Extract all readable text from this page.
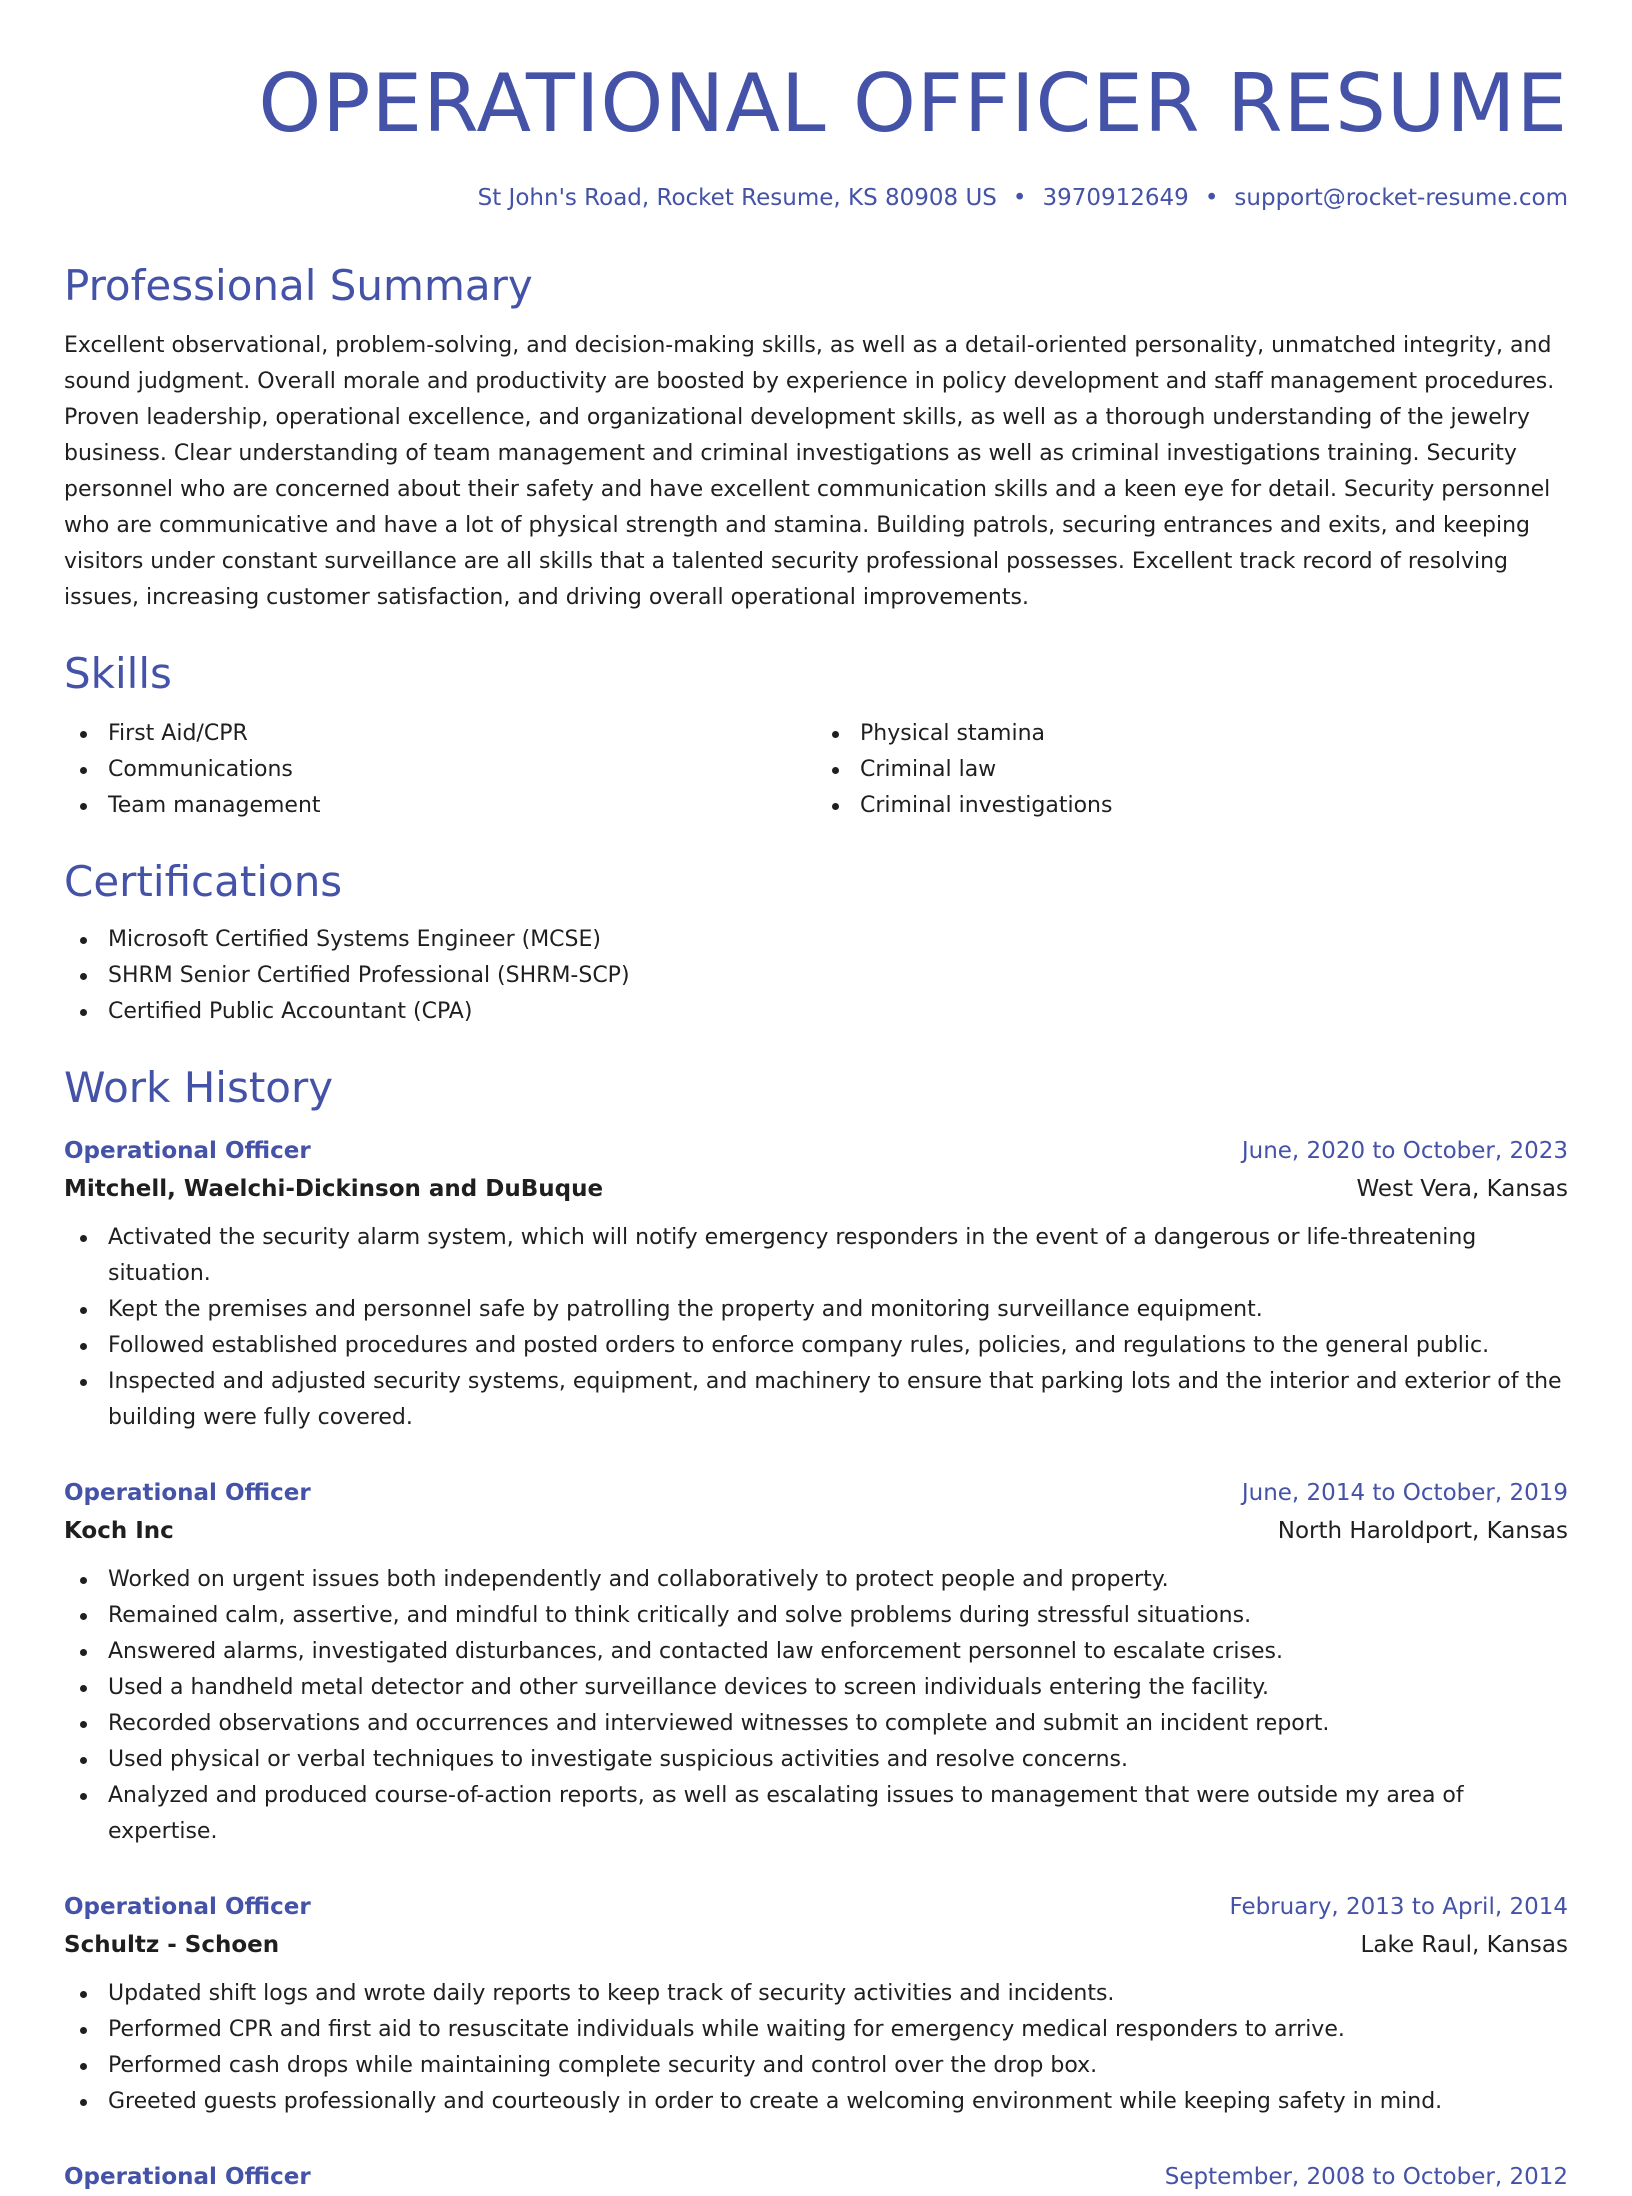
OPERATIONAL OFFICER RESUME
St John's Road, Rocket Resume, KS 80908 US • 3970912649 • support@rocket-resume.com
Professional Summary

Excellent observational, problem-solving, and decision-making skills, as well as a detail-oriented personality, unmatched integrity, and sound judgment. Overall morale and productivity are boosted by experience in policy development and staff management procedures. Proven leadership, operational excellence, and organizational development skills, as well as a thorough understanding of the jewelry business. Clear understanding of team management and criminal investigations as well as criminal investigations training. Security personnel who are concerned about their safety and have excellent communication skills and a keen eye for detail. Security personnel who are communicative and have a lot of physical strength and stamina. Building patrols, securing entrances and exits, and keeping visitors under constant surveillance are all skills that a talented security professional possesses. Excellent track record of resolving issues, increasing customer satisfaction, and driving overall operational improvements.

Skills
First Aid/CPR
Communications
Team management
Physical stamina
Criminal law
Criminal investigations
Certifications
Microsoft Certified Systems Engineer (MCSE)
SHRM Senior Certified Professional (SHRM-SCP)
Certified Public Accountant (CPA)
Work History
Operational Officer	June, 2020 to October, 2023
Mitchell, Waelchi-Dickinson and DuBuque	West Vera, Kansas
Activated the security alarm system, which will notify emergency responders in the event of a dangerous or life-threatening situation.
Kept the premises and personnel safe by patrolling the property and monitoring surveillance equipment.
Followed established procedures and posted orders to enforce company rules, policies, and regulations to the general public.
Inspected and adjusted security systems, equipment, and machinery to ensure that parking lots and the interior and exterior of the building were fully covered.
Operational Officer	June, 2014 to October, 2019
Koch Inc	North Haroldport, Kansas
Worked on urgent issues both independently and collaboratively to protect people and property.
Remained calm, assertive, and mindful to think critically and solve problems during stressful situations.
Answered alarms, investigated disturbances, and contacted law enforcement personnel to escalate crises.
Used a handheld metal detector and other surveillance devices to screen individuals entering the facility.
Recorded observations and occurrences and interviewed witnesses to complete and submit an incident report.
Used physical or verbal techniques to investigate suspicious activities and resolve concerns.
Analyzed and produced course-of-action reports, as well as escalating issues to management that were outside my area of expertise.
Operational Officer	February, 2013 to April, 2014
Schultz - Schoen	Lake Raul, Kansas
Updated shift logs and wrote daily reports to keep track of security activities and incidents.
Performed CPR and first aid to resuscitate individuals while waiting for emergency medical responders to arrive.
Performed cash drops while maintaining complete security and control over the drop box.
Greeted guests professionally and courteously in order to create a welcoming environment while keeping safety in mind.
Operational Officer	September, 2008 to October, 2012
